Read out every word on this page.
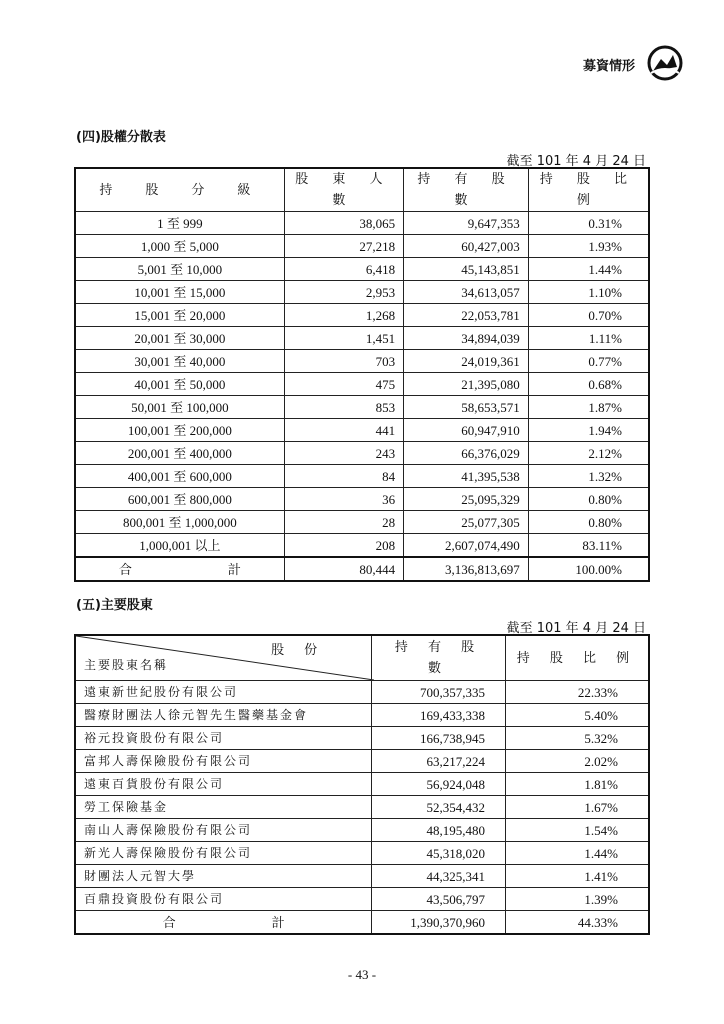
募資情形
(四)股權分散表
截至 101 年 4 月 24 日
持　股　分　級	股 東 人 數	持 有 股 數	持 股 比 例
1 至 999	38,065	9,647,353	0.31%
1,000 至 5,000	27,218	60,427,003	1.93%
5,001 至 10,000	6,418	45,143,851	1.44%
10,001 至 15,000	2,953	34,613,057	1.10%
15,001 至 20,000	1,268	22,053,781	0.70%
20,001 至 30,000	1,451	34,894,039	1.11%
30,001 至 40,000	703	24,019,361	0.77%
40,001 至 50,000	475	21,395,080	0.68%
50,001 至 100,000	853	58,653,571	1.87%
100,001 至 200,000	441	60,947,910	1.94%
200,001 至 400,000	243	66,376,029	2.12%
400,001 至 600,000	84	41,395,538	1.32%
600,001 至 800,000	36	25,095,329	0.80%
800,001 至 1,000,000	28	25,077,305	0.80%
1,000,001 以上	208	2,607,074,490	83.11%
合 計	80,444	3,136,813,697	100.00%
(五)主要股東
截至 101 年 4 月 24 日
股份
主要股東名稱	持 有 股 數	持 股 比 例
遠東新世紀股份有限公司	700,357,335	22.33%
醫療財團法人徐元智先生醫藥基金會	169,433,338	5.40%
裕元投資股份有限公司	166,738,945	5.32%
富邦人壽保險股份有限公司	63,217,224	2.02%
遠東百貨股份有限公司	56,924,048	1.81%
勞工保險基金	52,354,432	1.67%
南山人壽保險股份有限公司	48,195,480	1.54%
新光人壽保險股份有限公司	45,318,020	1.44%
財團法人元智大學	44,325,341	1.41%
百鼎投資股份有限公司	43,506,797	1.39%
合 計	1,390,370,960	44.33%
- 43 -
